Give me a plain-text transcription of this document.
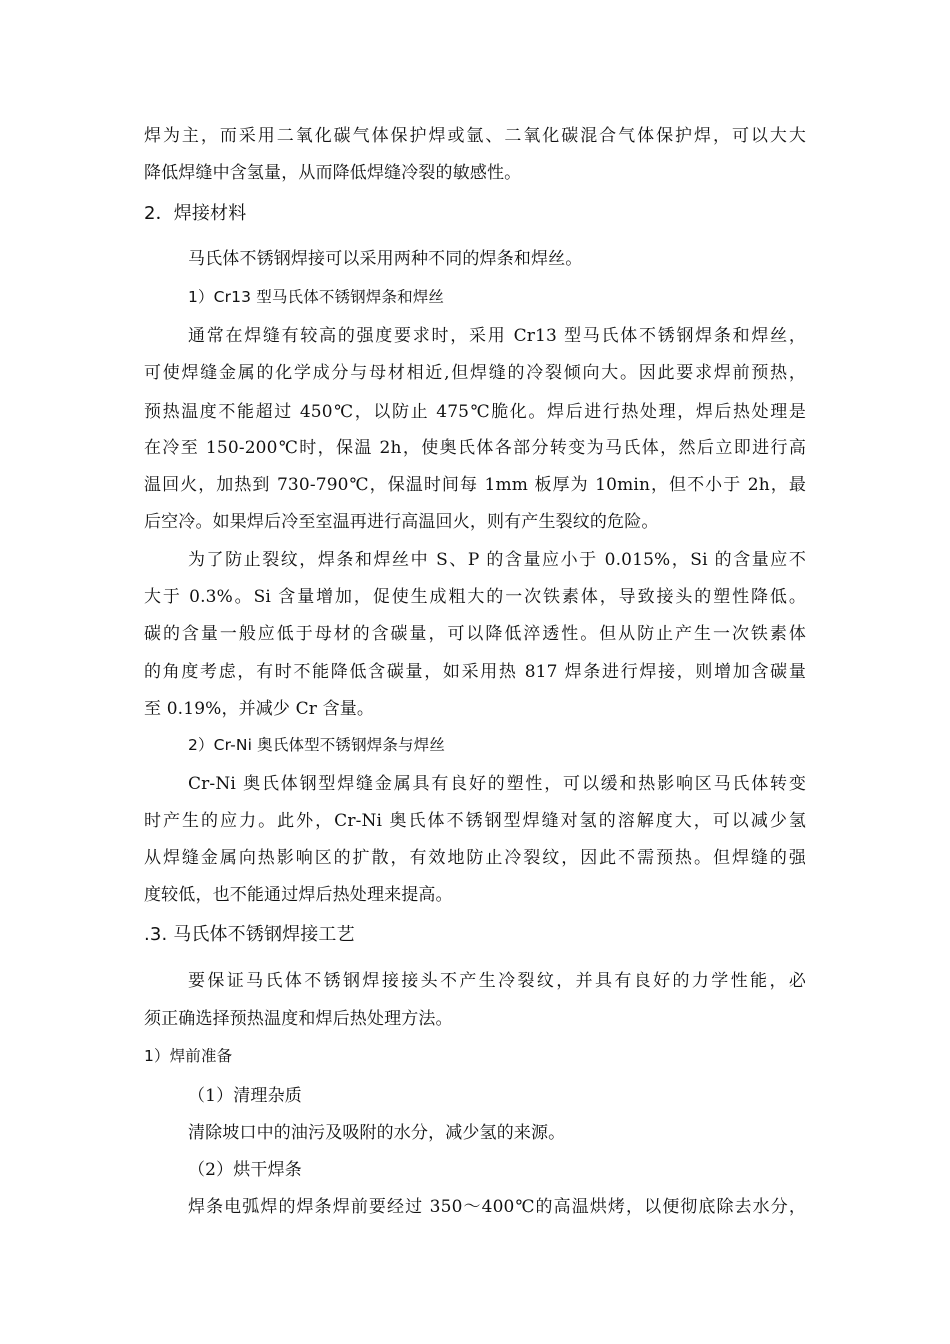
焊为主，而采用二氧化碳气体保护焊或氩、二氧化碳混合气体保护焊，可以大大
降低焊缝中含氢量，从而降低焊缝冷裂的敏感性。
2．焊接材料
马氏体不锈钢焊接可以采用两种不同的焊条和焊丝。
1）Cr13 型马氏体不锈钢焊条和焊丝
通常在焊缝有较高的强度要求时，采用 Cr13 型马氏体不锈钢焊条和焊丝，
可使焊缝金属的化学成分与母材相近,但焊缝的冷裂倾向大。因此要求焊前预热，
预热温度不能超过 450℃，以防止 475℃脆化。焊后进行热处理，焊后热处理是
在冷至 150-200℃时，保温 2h，使奥氏体各部分转变为马氏体，然后立即进行高
温回火，加热到 730-790℃，保温时间每 1mm 板厚为 10min，但不小于 2h，最
后空冷。如果焊后冷至室温再进行高温回火，则有产生裂纹的危险。
为了防止裂纹，焊条和焊丝中 S、P 的含量应小于 0.015%，Si 的含量应不
大于 0.3%。Si 含量增加，促使生成粗大的一次铁素体，导致接头的塑性降低。
碳的含量一般应低于母材的含碳量，可以降低淬透性。但从防止产生一次铁素体
的角度考虑，有时不能降低含碳量，如采用热 817 焊条进行焊接，则增加含碳量
至 0.19%，并减少 Cr 含量。
2）Cr-Ni 奥氏体型不锈钢焊条与焊丝
Cr-Ni 奥氏体钢型焊缝金属具有良好的塑性，可以缓和热影响区马氏体转变
时产生的应力。此外，Cr-Ni 奥氏体不锈钢型焊缝对氢的溶解度大，可以减少氢
从焊缝金属向热影响区的扩散，有效地防止冷裂纹，因此不需预热。但焊缝的强
度较低，也不能通过焊后热处理来提高。
.3. 马氏体不锈钢焊接工艺
要保证马氏体不锈钢焊接接头不产生冷裂纹，并具有良好的力学性能，必
须正确选择预热温度和焊后热处理方法。
1）焊前准备
（1）清理杂质
清除坡口中的油污及吸附的水分，减少氢的来源。
（2）烘干焊条
焊条电弧焊的焊条焊前要经过 350～400℃的高温烘烤，以便彻底除去水分，
